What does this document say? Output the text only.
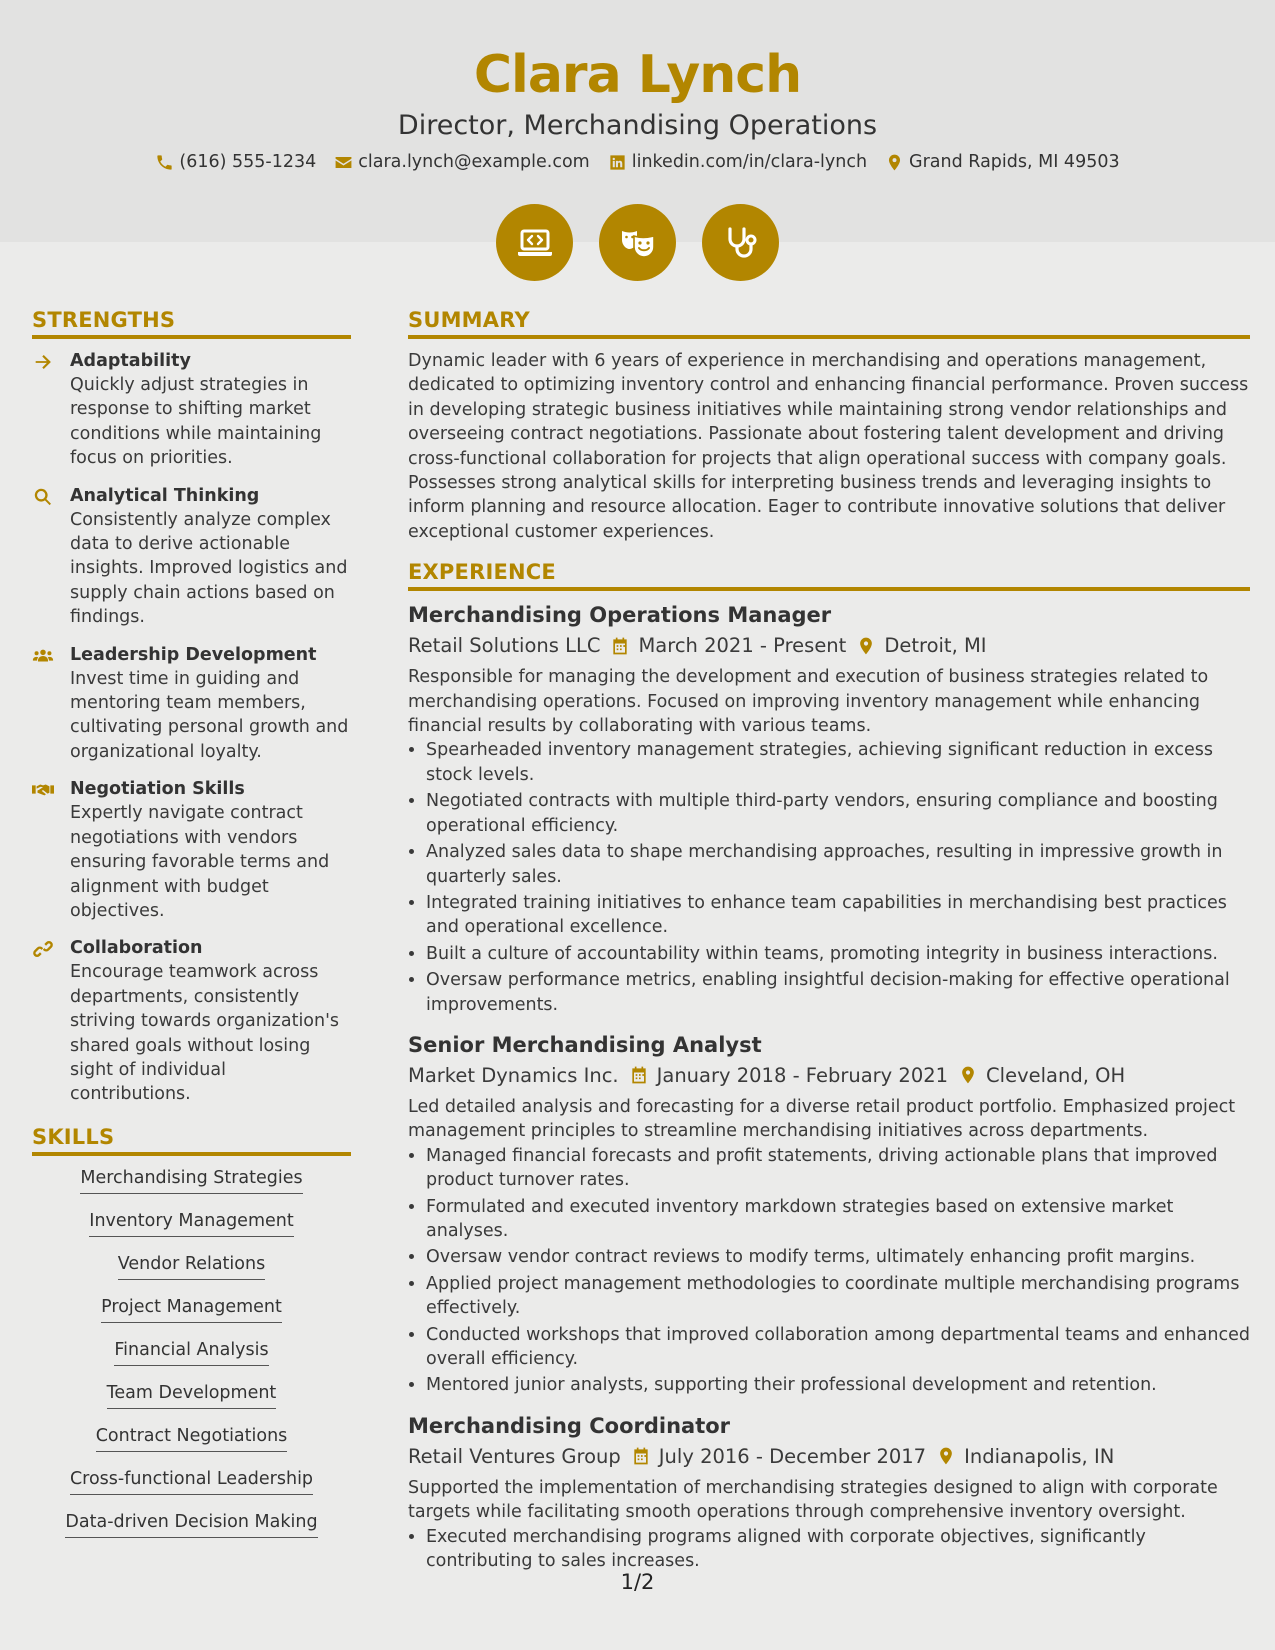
Clara Lynch
Director, Merchandising Operations
(616) 555-1234 clara.lynch@example.com linkedin.com/in/clara-lynch Grand Rapids, MI 49503
STRENGTHS
Adaptability

Quickly adjust strategies in response to shifting market conditions while maintaining focus on priorities.

Analytical Thinking

Consistently analyze complex data to derive actionable insights. Improved logistics and supply chain actions based on findings.

Leadership Development

Invest time in guiding and mentoring team members, cultivating personal growth and organizational loyalty.

Negotiation Skills

Expertly navigate contract negotiations with vendors ensuring favorable terms and alignment with budget objectives.

Collaboration

Encourage teamwork across departments, consistently striving towards organization's shared goals without losing sight of individual contributions.

SKILLS
Merchandising Strategies
Inventory Management
Vendor Relations
Project Management
Financial Analysis
Team Development
Contract Negotiations
Cross-functional Leadership
Data-driven Decision Making
SUMMARY

Dynamic leader with 6 years of experience in merchandising and operations management, dedicated to optimizing inventory control and enhancing financial performance. Proven success in developing strategic business initiatives while maintaining strong vendor relationships and overseeing contract negotiations. Passionate about fostering talent development and driving cross-functional collaboration for projects that align operational success with company goals. Possesses strong analytical skills for interpreting business trends and leveraging insights to inform planning and resource allocation. Eager to contribute innovative solutions that deliver exceptional customer experiences.

EXPERIENCE
Merchandising Operations Manager
Retail Solutions LLC March 2021 - Present Detroit, MI

Responsible for managing the development and execution of business strategies related to merchandising operations. Focused on improving inventory management while enhancing financial results by collaborating with various teams.

• Spearheaded inventory management strategies, achieving significant reduction in excess stock levels.
• Negotiated contracts with multiple third-party vendors, ensuring compliance and boosting operational efficiency.
• Analyzed sales data to shape merchandising approaches, resulting in impressive growth in quarterly sales.
• Integrated training initiatives to enhance team capabilities in merchandising best practices and operational excellence.
• Built a culture of accountability within teams, promoting integrity in business interactions.
• Oversaw performance metrics, enabling insightful decision-making for effective operational improvements.
Senior Merchandising Analyst
Market Dynamics Inc. January 2018 - February 2021 Cleveland, OH

Led detailed analysis and forecasting for a diverse retail product portfolio. Emphasized project management principles to streamline merchandising initiatives across departments.

• Managed financial forecasts and profit statements, driving actionable plans that improved product turnover rates.
• Formulated and executed inventory markdown strategies based on extensive market analyses.
• Oversaw vendor contract reviews to modify terms, ultimately enhancing profit margins.
• Applied project management methodologies to coordinate multiple merchandising programs effectively.
• Conducted workshops that improved collaboration among departmental teams and enhanced overall efficiency.
• Mentored junior analysts, supporting their professional development and retention.
Merchandising Coordinator
Retail Ventures Group July 2016 - December 2017 Indianapolis, IN

Supported the implementation of merchandising strategies designed to align with corporate targets while facilitating smooth operations through comprehensive inventory oversight.

• Executed merchandising programs aligned with corporate objectives, significantly contributing to sales increases.
1/2
